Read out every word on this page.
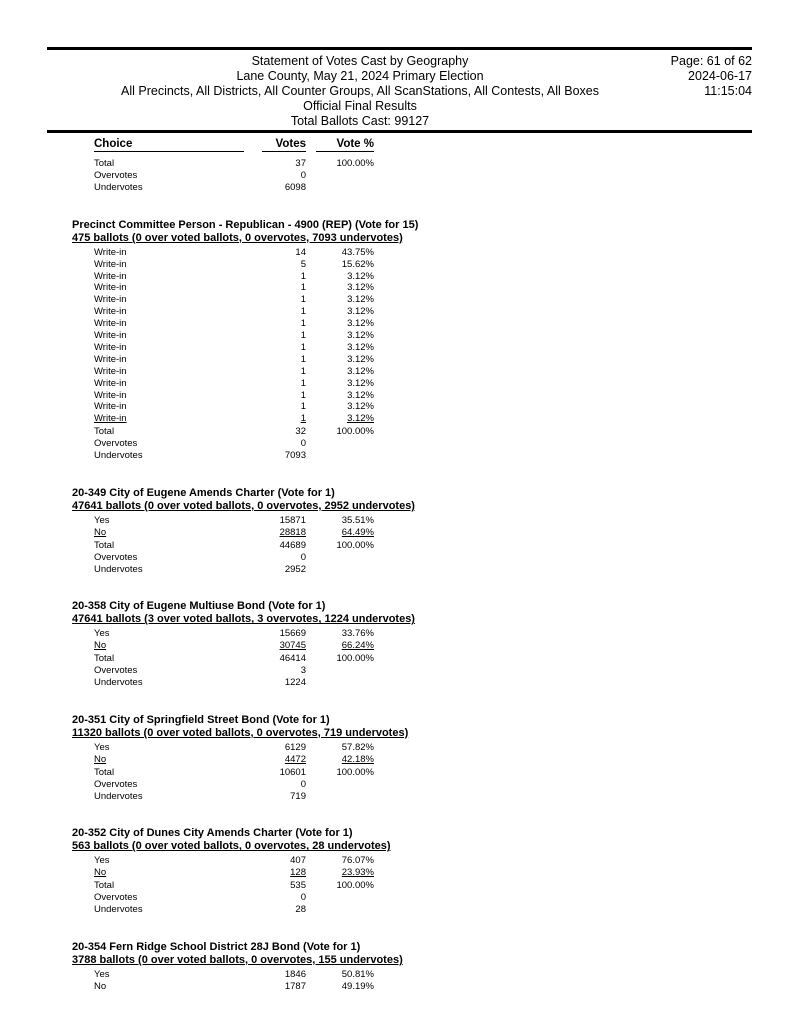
Statement of Votes Cast by Geography
Lane County, May 21, 2024 Primary Election
All Precincts, All Districts, All Counter Groups, All ScanStations, All Contests, All Boxes
Official Final Results
Total Ballots Cast: 99127
Page: 61 of 62
2024-06-17
11:15:04
Choice	Votes	Vote %
Total	37	100.00%
Overvotes	0
Undervotes	6098
Precinct Committee Person - Republican - 4900 (REP) (Vote for 15)
475 ballots (0 over voted ballots, 0 overvotes, 7093 undervotes)
Write-in	14	43.75%
Write-in	5	15.62%
Write-in	1	3.12%
Write-in	1	3.12%
Write-in	1	3.12%
Write-in	1	3.12%
Write-in	1	3.12%
Write-in	1	3.12%
Write-in	1	3.12%
Write-in	1	3.12%
Write-in	1	3.12%
Write-in	1	3.12%
Write-in	1	3.12%
Write-in	1	3.12%
Write-in	1	3.12%
Total	32	100.00%
Overvotes	0
Undervotes	7093
20-349 City of Eugene Amends Charter (Vote for 1)
47641 ballots (0 over voted ballots, 0 overvotes, 2952 undervotes)
Yes	15871	35.51%
No	28818	64.49%
Total	44689	100.00%
Overvotes	0
Undervotes	2952
20-358 City of Eugene Multiuse Bond (Vote for 1)
47641 ballots (3 over voted ballots, 3 overvotes, 1224 undervotes)
Yes	15669	33.76%
No	30745	66.24%
Total	46414	100.00%
Overvotes	3
Undervotes	1224
20-351 City of Springfield Street Bond (Vote for 1)
11320 ballots (0 over voted ballots, 0 overvotes, 719 undervotes)
Yes	6129	57.82%
No	4472	42.18%
Total	10601	100.00%
Overvotes	0
Undervotes	719
20-352 City of Dunes City Amends Charter (Vote for 1)
563 ballots (0 over voted ballots, 0 overvotes, 28 undervotes)
Yes	407	76.07%
No	128	23.93%
Total	535	100.00%
Overvotes	0
Undervotes	28
20-354 Fern Ridge School District 28J Bond (Vote for 1)
3788 ballots (0 over voted ballots, 0 overvotes, 155 undervotes)
Yes	1846	50.81%
No	1787	49.19%
